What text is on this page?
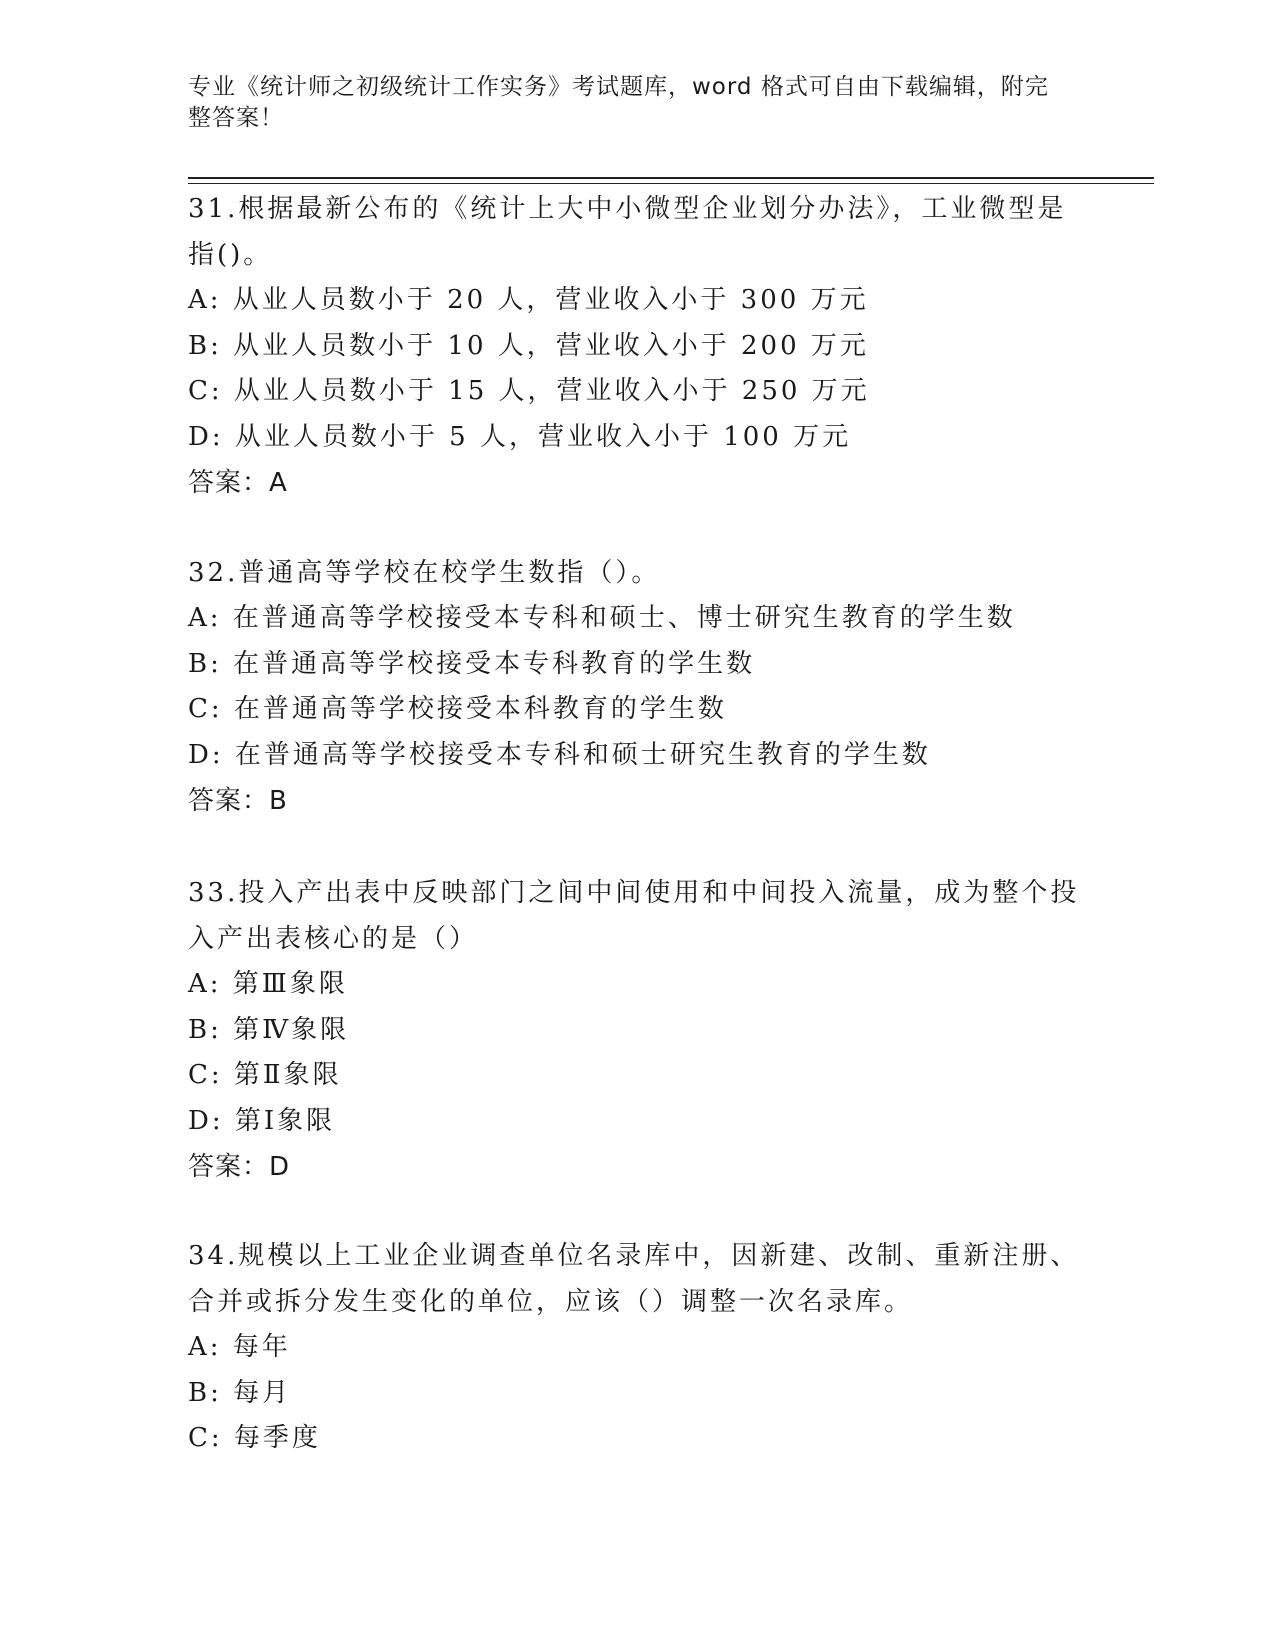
专业《统计师之初级统计工作实务》考试题库，word 格式可自由下载编辑，附完
整答案！

31.根据最新公布的《统计上大中小微型企业划分办法》，工业微型是

指()。

A: 从业人员数小于 20 人，营业收入小于 300 万元

B: 从业人员数小于 10 人，营业收入小于 200 万元

C: 从业人员数小于 15 人，营业收入小于 250 万元

D: 从业人员数小于 5 人，营业收入小于 100 万元

答案：A

32.普通高等学校在校学生数指（）。

A: 在普通高等学校接受本专科和硕士、博士研究生教育的学生数

B: 在普通高等学校接受本专科教育的学生数

C: 在普通高等学校接受本科教育的学生数

D: 在普通高等学校接受本专科和硕士研究生教育的学生数

答案：B

33.投入产出表中反映部门之间中间使用和中间投入流量，成为整个投

入产出表核心的是（）

A: 第Ⅲ象限

B: 第Ⅳ象限

C: 第Ⅱ象限

D: 第Ⅰ象限

答案：D

34.规模以上工业企业调查单位名录库中，因新建、改制、重新注册、

合并或拆分发生变化的单位，应该（）调整一次名录库。

A: 每年

B: 每月

C: 每季度
